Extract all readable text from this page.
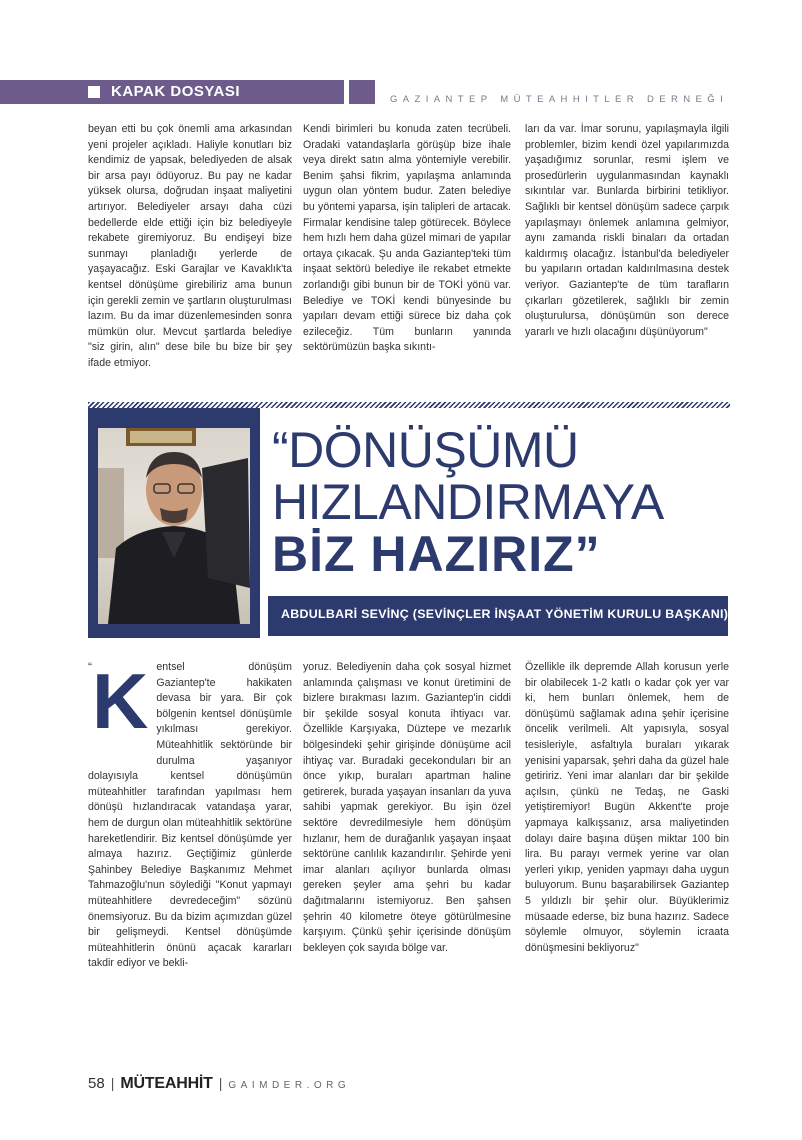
KAPAK DOSYASI	GAZIANTEP MÜTEAHHITLER DERNEĞI
beyan etti bu çok önemli ama arkasından yeni projeler açıkladı. Haliyle konutları biz kendimiz de yapsak, belediyeden de alsak bir arsa payı ödüyoruz. Bu pay ne kadar yüksek olursa, doğrudan inşaat maliyetini artırıyor. Belediyeler arsayı daha cüzi bedellerde elde ettiği için biz belediyeyle rekabete giremiyoruz. Bu endişeyi bize sunmayı planladığı yerlerde de yaşayacağız. Eski Garajlar ve Kavaklık'ta kentsel dönüşüme girebiliriz ama bunun için gerekli zemin ve şartların oluşturulması lazım. Bu da imar düzenlemesinden sonra mümkün olur. Mevcut şartlarda belediye "siz girin, alın" dese bile bu bize bir şey ifade etmiyor.
Kendi birimleri bu konuda zaten tecrübeli. Oradaki vatandaşlarla görüşüp bize ihale veya direkt satın alma yöntemiyle verebilir. Benim şahsi fikrim, yapılaşma anlamında uygun olan yöntem budur. Zaten belediye bu yöntemi yaparsa, işin talipleri de artacak. Firmalar kendisine talep götürecek. Böylece hem hızlı hem daha güzel mimari de yapılar ortaya çıkacak. Şu anda Gaziantep'teki tüm inşaat sektörü belediye ile rekabet etmekte zorlandığı gibi bunun bir de TOKİ yönü var. Belediye ve TOKİ kendi bünyesinde bu yapıları devam ettiği sürece biz daha çok ezileceğiz. Tüm bunların yanında sektörümüzün başka sıkıntı-
ları da var. İmar sorunu, yapılaşmayla ilgili problemler, bizim kendi özel yapılarımızda yaşadığımız sorunlar, resmi işlem ve prosedürlerin uygulanmasından kaynaklı sıkıntılar var. Bunlarda birbirini tetikliyor. Sağlıklı bir kentsel dönüşüm sadece çarpık yapılaşmayı önlemek anlamına gelmiyor, aynı zamanda riskli binaları da ortadan kaldırmış olacağız. İstanbul'da belediyeler bu yapıların ortadan kaldırılmasına destek veriyor. Gaziantep'te de tüm tarafların çıkarları gözetilerek, sağlıklı bir zemin oluşturulursa, dönüşümün son derece yararlı ve hızlı olacağını düşünüyorum"
“DÖNÜŞÜMÜ
HIZLANDIRMAYA
BİZ HAZIRIZ”
ABDULBARİ SEVİNÇ (SEVİNÇLER İNŞAAT YÖNETİM KURULU BAŞKANI)
“ K entsel dönüşüm Gaziantep'te hakikaten devasa bir yara. Bir çok bölgenin kentsel dönüşümle yıkılması gerekiyor. Müteahhitlik sektöründe bir durulma yaşanıyor dolayısıyla kentsel dönüşümün müteahhitler tarafından yapılması hem dönüşü hızlandıracak vatandaşa yarar, hem de durgun olan müteahhitlik sektörüne hareketlendirir. Biz kentsel dönüşümde yer almaya hazırız. Geçtiğimiz günlerde Şahinbey Belediye Başkanımız Mehmet Tahmazoğlu'nun söylediği "Konut yapmayı müteahhitlere devredeceğim" sözünü önemsiyoruz. Bu da bizim açımızdan güzel bir gelişmeydi. Kentsel dönüşümde müteahhitlerin önünü açacak kararları takdir ediyor ve bekli-
yoruz. Belediyenin daha çok sosyal hizmet anlamında çalışması ve konut üretimini de bizlere bırakması lazım. Gaziantep'in ciddi bir şekilde sosyal konuta ihtiyacı var. Özellikle Karşıyaka, Düztepe ve mezarlık bölgesindeki şehir girişinde dönüşüme acil ihtiyaç var. Buradaki gecekonduları bir an önce yıkıp, buraları apartman haline getirerek, burada yaşayan insanları da yuva sahibi yapmak gerekiyor. Bu işin özel sektöre devredilmesiyle hem dönüşüm hızlanır, hem de durağanlık yaşayan inşaat sektörüne canlılık kazandırılır. Şehirde yeni imar alanları açılıyor bunlarda olması gereken şeyler ama şehri bu kadar dağıtmalarını istemiyoruz. Ben şahsen şehrin 40 kilometre öteye götürülmesine karşıyım. Çünkü şehir içerisinde dönüşüm bekleyen çok sayıda bölge var.
Özellikle ilk depremde Allah korusun yerle bir olabilecek 1-2 katlı o kadar çok yer var ki, hem bunları önlemek, hem de dönüşümü sağlamak adına şehir içerisine öncelik verilmeli. Alt yapısıyla, sosyal tesisleriyle, asfaltıyla buraları yıkarak yenisini yaparsak, şehri daha da güzel hale getiririz. Yeni imar alanları dar bir şekilde açılsın, çünkü ne Tedaş, ne Gaski yetiştiremiyor! Bugün Akkent'te proje yapmaya kalkışsanız, arsa maliyetinden dolayı daire başına düşen miktar 100 bin lira. Bu parayı vermek yerine var olan yerleri yıkıp, yeniden yapmayı daha uygun buluyorum. Bunu başarabilirsek Gaziantep 5 yıldızlı bir şehir olur. Büyüklerimiz müsaade ederse, biz buna hazırız. Sadece söylemle olmuyor, söylemin icraata dönüşmesini bekliyoruz"
58 | MÜTEAHHİT | GAIMDER.ORG
